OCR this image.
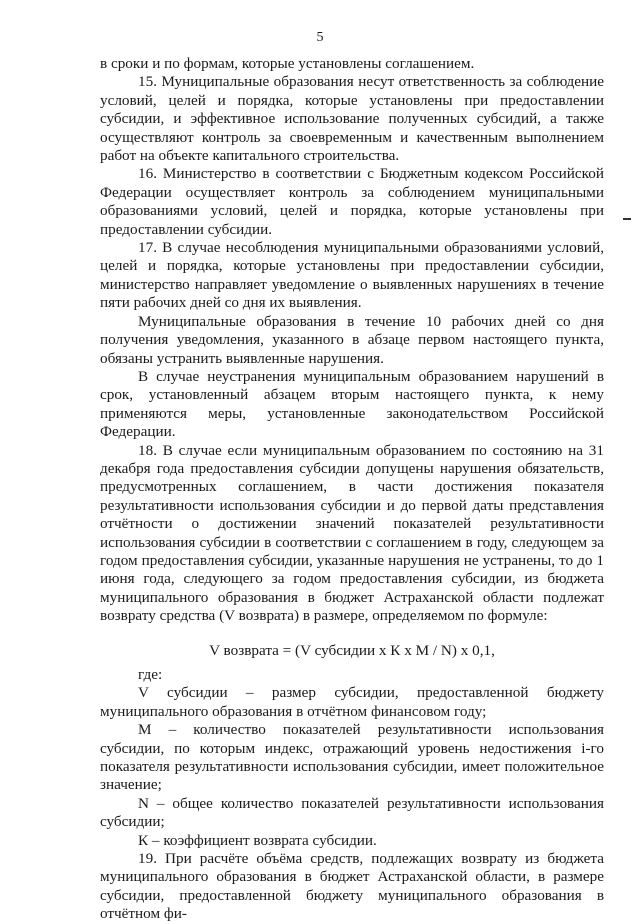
5

в сроки и по формам, которые установлены соглашением.

15. Муниципальные образования несут ответственность за соблюдение условий, целей и порядка, которые установлены при предоставлении субсидии, и эффективное использование полученных субсидий, а также осуществляют контроль за своевременным и качественным выполнением работ на объекте капитального строительства.

16. Министерство в соответствии с Бюджетным кодексом Российской Федерации осуществляет контроль за соблюдением муниципальными образованиями условий, целей и порядка, которые установлены при предоставлении субсидии.

17. В случае несоблюдения муниципальными образованиями условий, целей и порядка, которые установлены при предоставлении субсидии, министерство направляет уведомление о выявленных нарушениях в течение пяти рабочих дней со дня их выявления.

Муниципальные образования в течение 10 рабочих дней со дня получения уведомления, указанного в абзаце первом настоящего пункта, обязаны устранить выявленные нарушения.

В случае неустранения муниципальным образованием нарушений в срок, установленный абзацем вторым настоящего пункта, к нему применяются меры, установленные законодательством Российской Федерации.

18. В случае если муниципальным образованием по состоянию на 31 декабря года предоставления субсидии допущены нарушения обязательств, предусмотренных соглашением, в части достижения показателя результативности использования субсидии и до первой даты представления отчётности о достижении значений показателей результативности использования субсидии в соответствии с соглашением в году, следующем за годом предоставления субсидии, указанные нарушения не устранены, то до 1 июня года, следующего за годом предоставления субсидии, из бюджета муниципального образования в бюджет Астраханской области подлежат возврату средства (V возврата) в размере, определяемом по формуле:

V возврата = (V субсидии x К x М / N) x 0,1,

где:

V субсидии – размер субсидии, предоставленной бюджету муниципального образования в отчётном финансовом году;

М – количество показателей результативности использования субсидии, по которым индекс, отражающий уровень недостижения i-го показателя результативности использования субсидии, имеет положительное значение;

N – общее количество показателей результативности использования субсидии;

К – коэффициент возврата субсидии.

19. При расчёте объёма средств, подлежащих возврату из бюджета муниципального образования в бюджет Астраханской области, в размере субсидии, предоставленной бюджету муниципального образования в отчётном фи-
